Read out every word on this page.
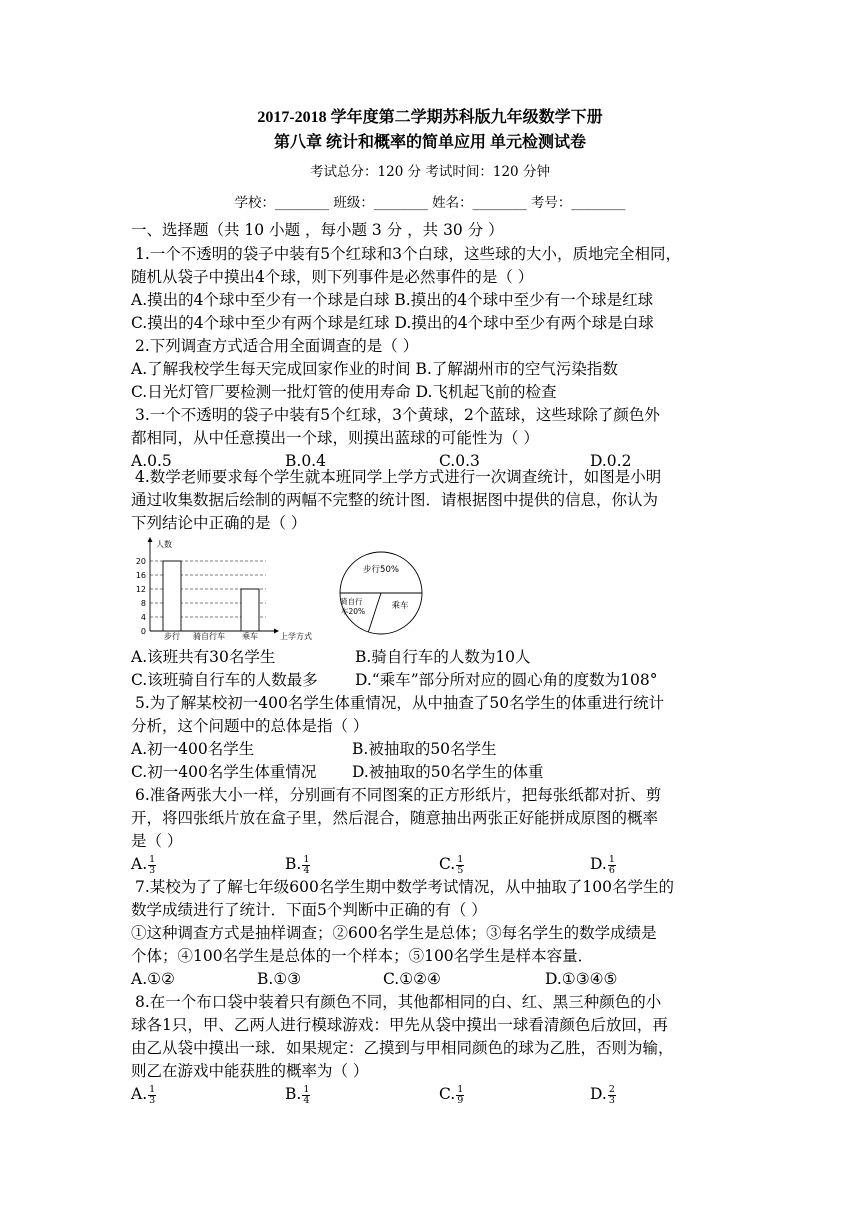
2017-2018 学年度第二学期苏科版九年级数学下册
第八章 统计和概率的简单应用 单元检测试卷
考试总分：120 分 考试时间：120 分钟
学校：________ 班级：________ 姓名：________ 考号：________
一、选择题（共 10 小题 ，每小题 3 分 ，共 30 分 ）
1.一个不透明的袋子中装有5个红球和3个白球，这些球的大小，质地完全相同，
随机从袋子中摸出4个球，则下列事件是必然事件的是（ ）
A.摸出的4个球中至少有一个球是白球 B.摸出的4个球中至少有一个球是红球
C.摸出的4个球中至少有两个球是红球 D.摸出的4个球中至少有两个球是白球
2.下列调查方式适合用全面调查的是（ ）
A.了解我校学生每天完成回家作业的时间 B.了解湖州市的空气污染指数
C.日光灯管厂要检测一批灯管的使用寿命 D.飞机起飞前的检查
3.一个不透明的袋子中装有5个红球，3个黄球，2个蓝球，这些球除了颜色外
都相同，从中任意摸出一个球，则摸出蓝球的可能性为（ ）
A.0.5	B.0.4	C.0.3	D.0.2
4.数学老师要求每个学生就本班同学上学方式进行一次调查统计，如图是小明
通过收集数据后绘制的两幅不完整的统计图．请根据图中提供的信息，你认为
下列结论中正确的是（ ）
0
4
8
12
16
20
人数
上学方式
步行 骑自行车 乘车
步行50%
骑自行
车20%
乘车
A.该班共有30名学生	B.骑自行车的人数为10人
C.该班骑自行车的人数最多 D.“乘车”部分所对应的圆心角的度数为108°
5.为了解某校初一400名学生体重情况，从中抽查了50名学生的体重进行统计
分析，这个问题中的总体是指（ ）
A.初一400名学生	B.被抽取的50名学生
C.初一400名学生体重情况 D.被抽取的50名学生的体重
6.准备两张大小一样，分别画有不同图案的正方形纸片，把每张纸都对折、剪
开，将四张纸片放在盒子里，然后混合，随意抽出两张正好能拼成原图的概率
是（ ）
A. $\frac{1}{3}$	B. $\frac{1}{4}$	C. $\frac{1}{5}$	D. $\frac{1}{6}$
7.某校为了了解七年级600名学生期中数学考试情况，从中抽取了100名学生的
数学成绩进行了统计．下面5个判断中正确的有（ ）
①这种调查方式是抽样调查；②600名学生是总体；③每名学生的数学成绩是
个体；④100名学生是总体的一个样本；⑤100名学生是样本容量．
A.①②	B.①③	C.①②④	D.①③④⑤
8.在一个布口袋中装着只有颜色不同，其他都相同的白、红、黑三种颜色的小
球各1只，甲、乙两人进行模球游戏：甲先从袋中摸出一球看清颜色后放回，再
由乙从袋中摸出一球．如果规定：乙摸到与甲相同颜色的球为乙胜，否则为输，
则乙在游戏中能获胜的概率为（ ）
A. $\frac{1}{3}$	B. $\frac{1}{4}$	C. $\frac{1}{9}$	D. $\frac{2}{3}$
